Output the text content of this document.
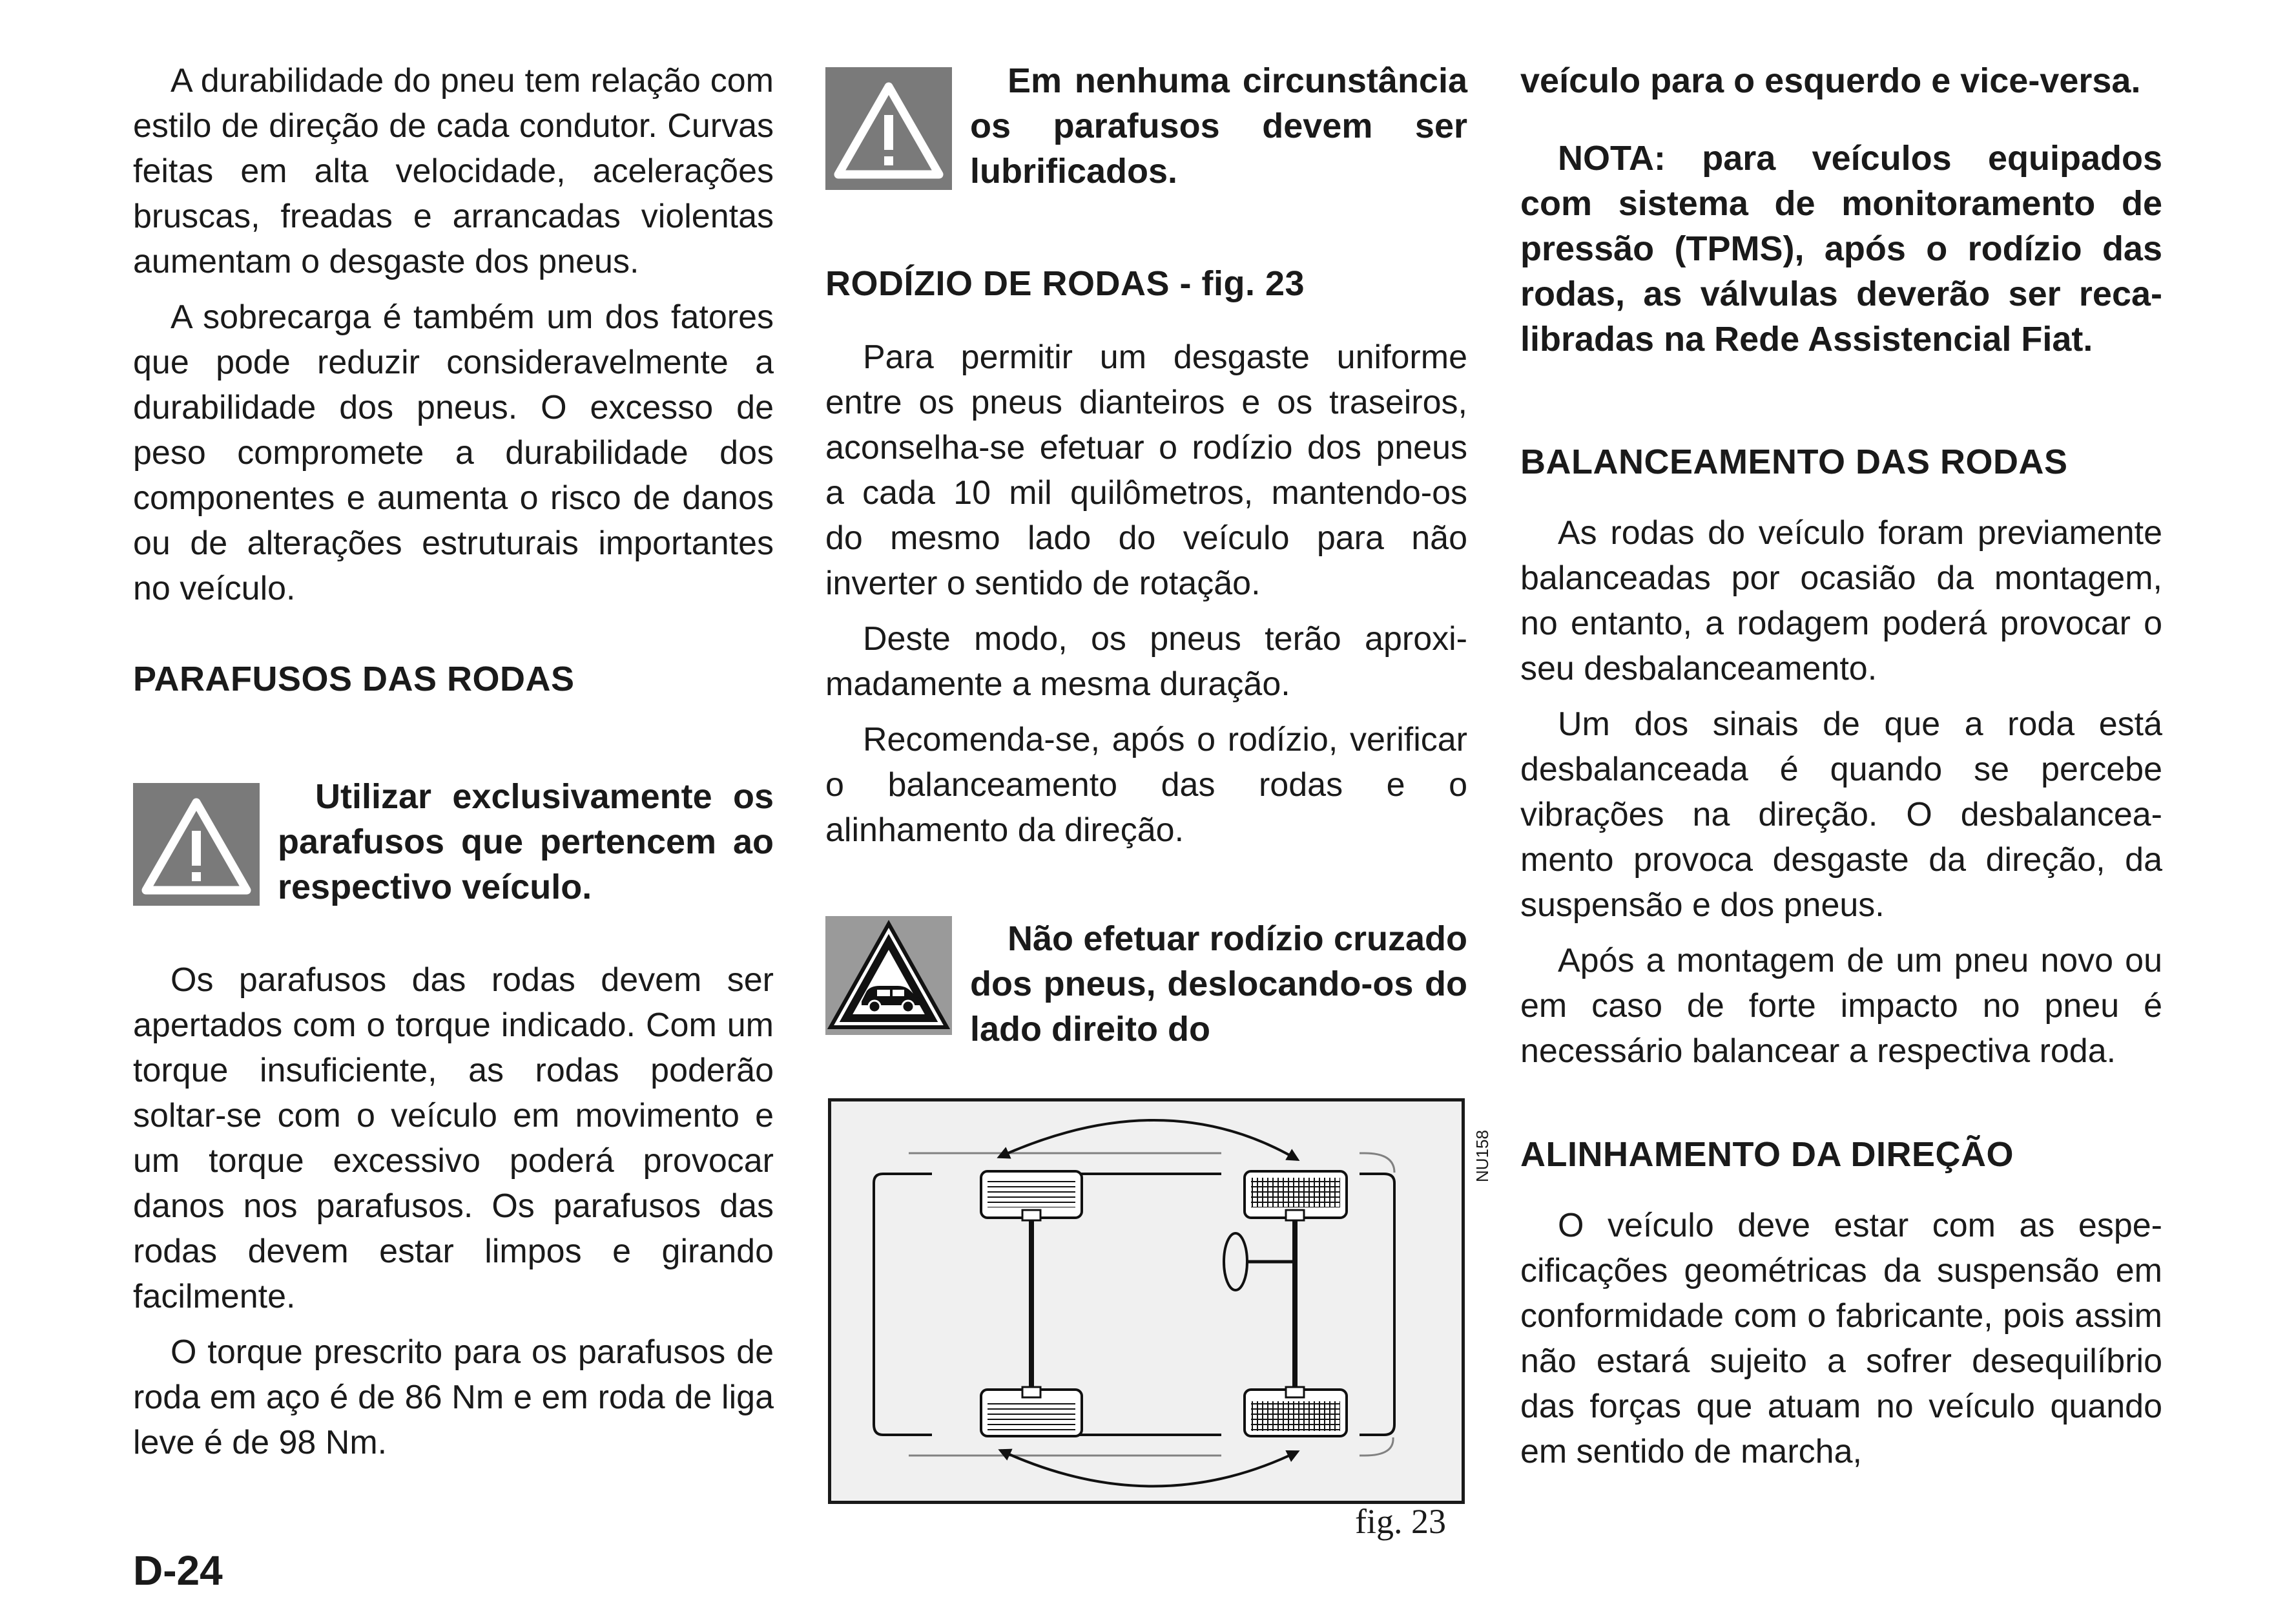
A durabilidade do pneu tem relação com estilo de direção de cada condutor. Curvas feitas em alta velocidade, acelerações bruscas, freadas e arrancadas violentas aumentam o desgaste dos pneus.

A sobrecarga é também um dos fatores que pode reduzir consideravelmente a durabilidade dos pneus. O excesso de peso compromete a durabilidade dos componentes e aumenta o risco de danos ou de alterações estruturais importantes no veículo.

PARAFUSOS DAS RODAS
Utilizar exclusivamente os parafusos que pertencem ao respectivo veículo.

Os parafusos das rodas devem ser apertados com o torque indicado. Com um torque insuficiente, as rodas poderão soltar-se com o veículo em movimento e um torque excessivo poderá provocar danos nos parafusos. Os parafusos das rodas devem estar limpos e girando facilmente.

O torque prescrito para os parafusos de roda em aço é de 86 Nm e em roda de liga leve é de 98 Nm.

Em nenhuma circunstância os parafusos devem ser lubrificados.
RODÍZIO DE RODAS - fig. 23

Para permitir um desgaste uniforme entre os pneus dianteiros e os traseiros, aconselha-se efetuar o rodízio dos pneus a cada 10 mil quilômetros, mantendo-os do mesmo lado do veículo para não inverter o sentido de rotação.

Deste modo, os pneus terão aproximadamente a mesma duração.

Recomenda-se, após o rodízio, verificar o balanceamento das rodas e o alinhamento da direção.

Não efetuar rodízio cruzado dos pneus, deslocando-os do lado direito do
NU158
fig. 23

veículo para o esquerdo e vice-versa.

NOTA: para veículos equipados com sistema de monitoramento de pressão (TPMS), após o rodízio das rodas, as válvulas deverão ser recalibradas na Rede Assistencial Fiat.

BALANCEAMENTO DAS RODAS

As rodas do veículo foram previamente balanceadas por ocasião da montagem, no entanto, a rodagem poderá provocar o seu desbalanceamento.

Um dos sinais de que a roda está desbalanceada é quando se percebe vibrações na direção. O desbalanceamento provoca desgaste da direção, da suspensão e dos pneus.

Após a montagem de um pneu novo ou em caso de forte impacto no pneu é necessário balancear a respectiva roda.

ALINHAMENTO DA DIREÇÃO

O veículo deve estar com as especificações geométricas da suspensão em conformidade com o fabricante, pois assim não estará sujeito a sofrer desequilíbrio das forças que atuam no veículo quando em sentido de marcha,

D-24
